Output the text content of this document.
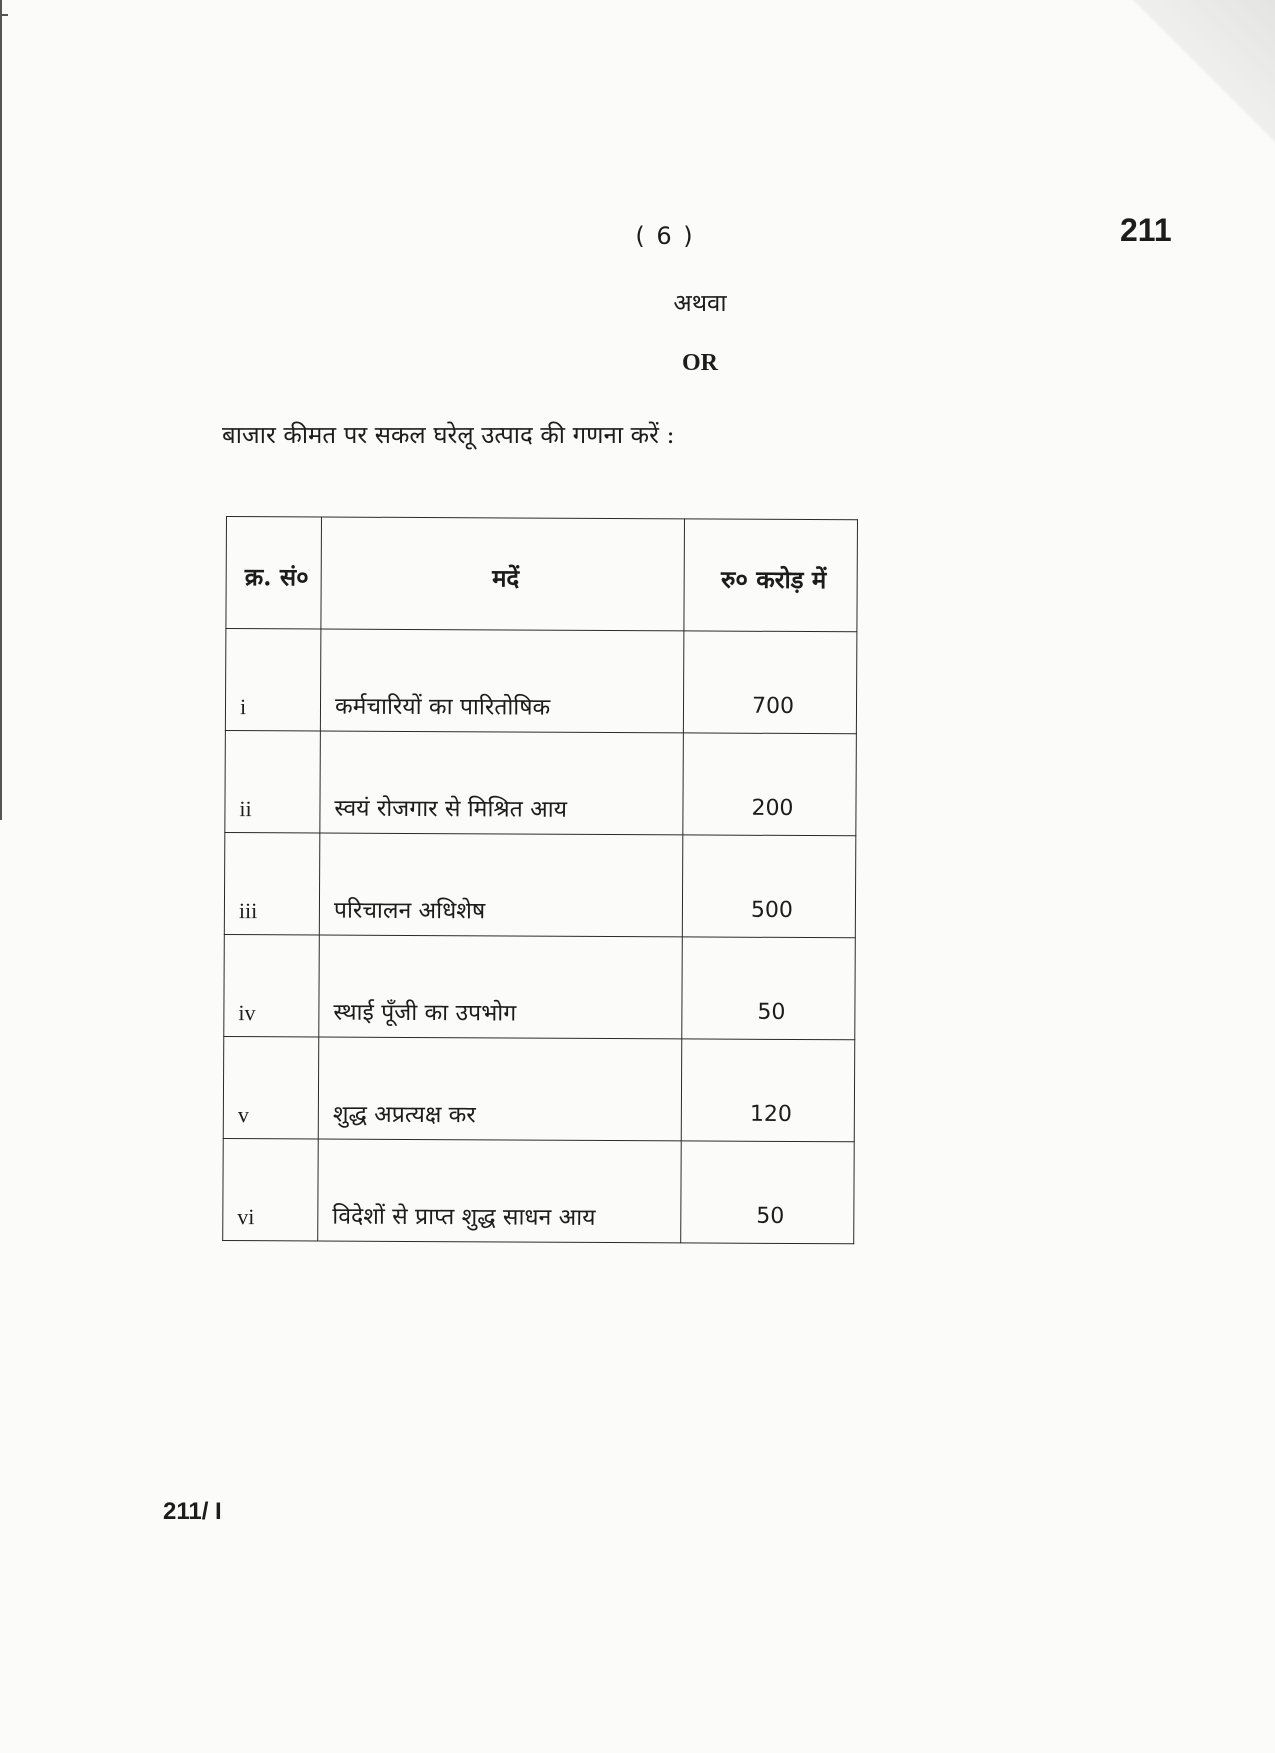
( 6 )	211
अथवा
OR
बाजार कीमत पर सकल घरेलू उत्पाद की गणना करें :
क्र. सं०	मदें	रु० करोड़ में
i	कर्मचारियों का पारितोषिक	700
ii	स्वयं रोजगार से मिश्रित आय	200
iii	परिचालन अधिशेष	500
iv	स्थाई पूँजी का उपभोग	50
v	शुद्ध अप्रत्यक्ष कर	120
vi	विदेशों से प्राप्त शुद्ध साधन आय	50
211/ I
